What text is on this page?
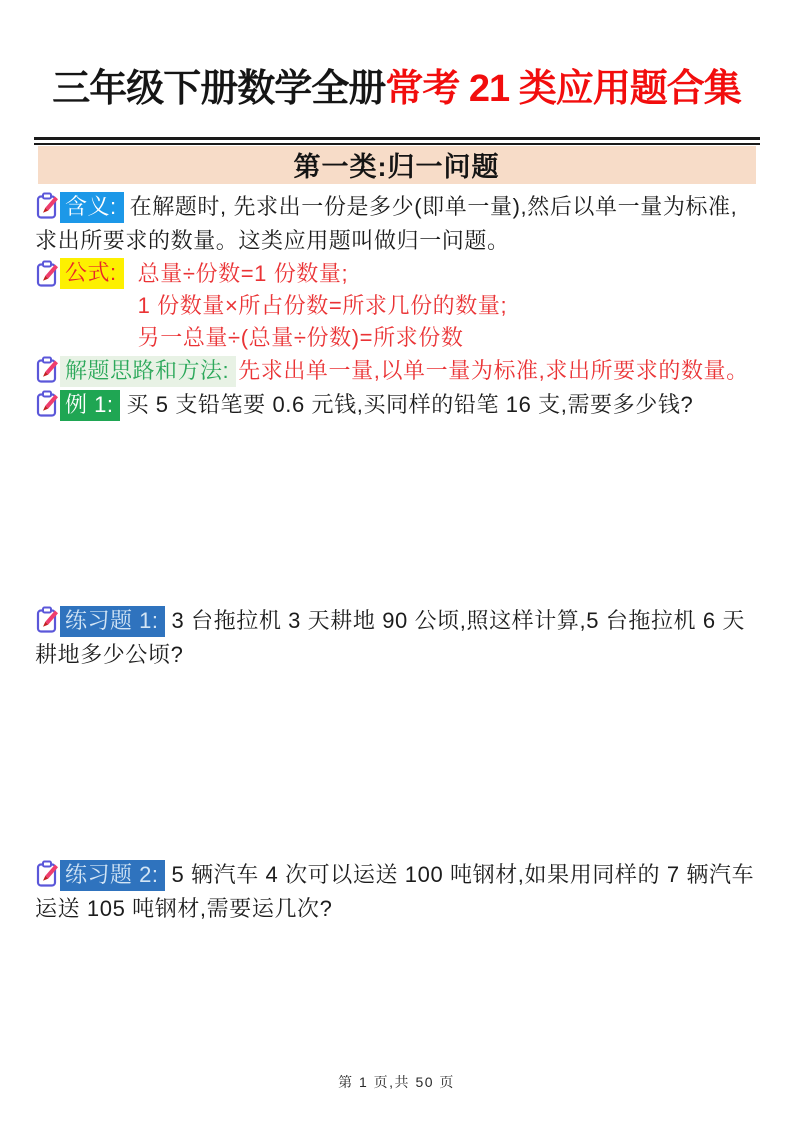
三年级下册数学全册常考 21 类应用题合集
第一类:归一问题

含义: 在解题时, 先求出一份是多少(即单一量),然后以单一量为标准,求出所要求的数量。这类应用题叫做归一问题。

公式: 总量÷份数=1 份数量;
1 份数量×所占份数=所求几份的数量;
另一总量÷(总量÷份数)=所求份数

解题思路和方法: 先求出单一量,以单一量为标准,求出所要求的数量。

例 1: 买 5 支铅笔要 0.6 元钱,买同样的铅笔 16 支,需要多少钱?

练习题 1: 3 台拖拉机 3 天耕地 90 公顷,照这样计算,5 台拖拉机 6 天耕地多少公顷?

练习题 2: 5 辆汽车 4 次可以运送 100 吨钢材,如果用同样的 7 辆汽车运送 105 吨钢材,需要运几次?

第 1 页,共 50 页
